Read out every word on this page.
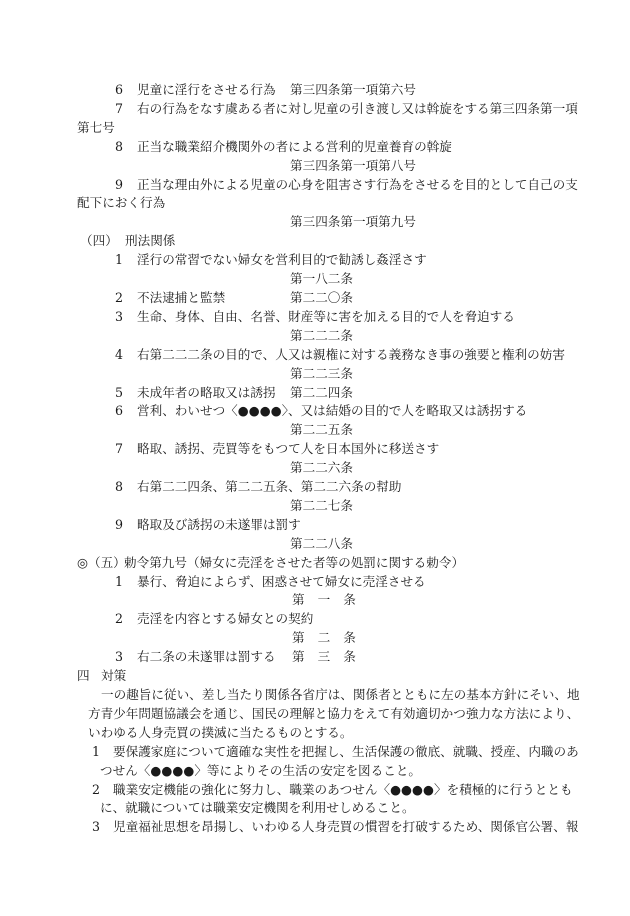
6 児童に淫行をさせる行為 第三四条第一項第六号
7 右の行為をなす虞ある者に対し児童の引き渡し又は斡旋をする第三四条第一項
第七号
8 正当な職業紹介機関外の者による営利的児童養育の斡旋
第三四条第一項第八号
9 正当な理由外による児童の心身を阻害さす行為をさせるを目的として自己の支
配下におく行為
第三四条第一項第九号
（四） 刑法関係
1 淫行の常習でない婦女を営利目的で勧誘し姦淫さす
第一八二条
2 不法逮捕と監禁	第二二〇条
3 生命、身体、自由、名誉、財産等に害を加える目的で人を脅迫する
第二二二条
4 右第二二二条の目的で、人又は親権に対する義務なき事の強要と権利の妨害
第二二三条
5 未成年者の略取又は誘拐 第二二四条
6 営利、わいせつ〈●●●●〉、又は結婚の目的で人を略取又は誘拐する
第二二五条
7 略取、誘拐、売買等をもつて人を日本国外に移送さす
第二二六条
8 右第二二四条、第二二五条、第二二六条の幇助
第二二七条
9 略取及び誘拐の未遂罪は罰す
第二二八条
◎（五）
勅令第九号（婦女に売淫をさせた者等の処罰に関する勅令）
1 暴行、脅迫によらず、困惑させて婦女に売淫させる
第一条
2 売淫を内容とする婦女との契約
第二条
3 右二条の未遂罪は罰する 第三条
四 対策
一の趣旨に従い、差し当たり関係各省庁は、関係者とともに左の基本方針にそい、地
方青少年問題協議会を通じ、国民の理解と協力をえて有効適切かつ強力な方法により、
いわゆる人身売買の撲滅に当たるものとする。
1 要保護家庭について適確な実性を把握し、生活保護の徹底、就職、授産、内職のあ
つせん〈●●●●〉等によりその生活の安定を図ること。
2 職業安定機能の強化に努力し、職業のあつせん〈●●●●〉を積極的に行うととも
に、就職については職業安定機関を利用せしめること。
3 児童福祉思想を昂揚し、いわゆる人身売買の慣習を打破するため、関係官公署、報
